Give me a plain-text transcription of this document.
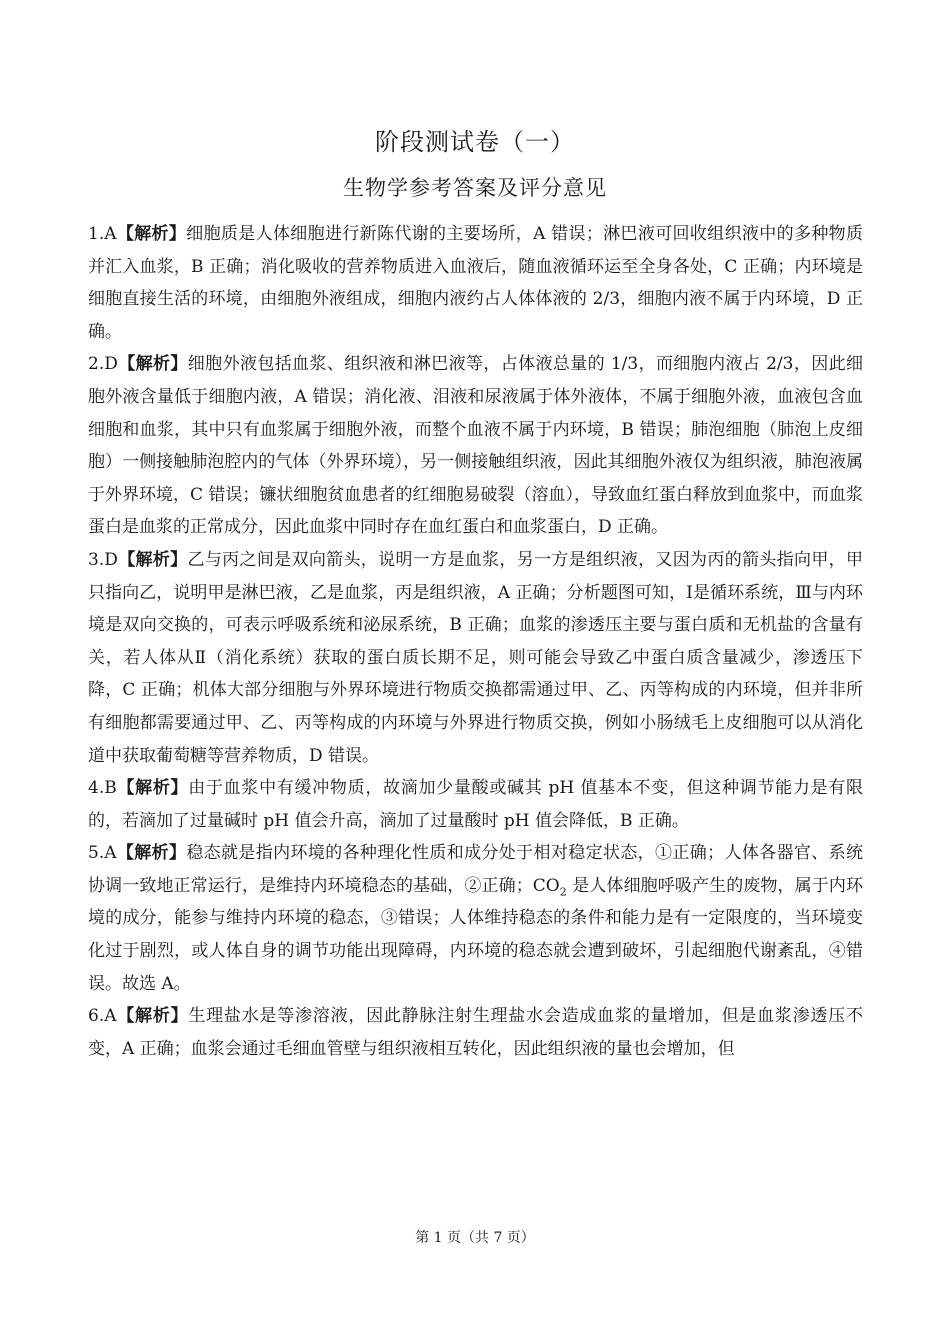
阶段测试卷（一）
生物学参考答案及评分意见

1.A【解析】细胞质是人体细胞进行新陈代谢的主要场所，A 错误；淋巴液可回收组织液中的多种物质并汇入血浆，B 正确；消化吸收的营养物质进入血液后，随血液循环运至全身各处，C 正确；内环境是细胞直接生活的环境，由细胞外液组成，细胞内液约占人体体液的 2/3，细胞内液不属于内环境，D 正确。

2.D【解析】细胞外液包括血浆、组织液和淋巴液等，占体液总量的 1/3，而细胞内液占 2/3，因此细胞外液含量低于细胞内液，A 错误；消化液、泪液和尿液属于体外液体，不属于细胞外液，血液包含血细胞和血浆，其中只有血浆属于细胞外液，而整个血液不属于内环境，B 错误；肺泡细胞（肺泡上皮细胞）一侧接触肺泡腔内的气体（外界环境），另一侧接触组织液，因此其细胞外液仅为组织液，肺泡液属于外界环境，C 错误；镰状细胞贫血患者的红细胞易破裂（溶血），导致血红蛋白释放到血浆中，而血浆蛋白是血浆的正常成分，因此血浆中同时存在血红蛋白和血浆蛋白，D 正确。

3.D【解析】乙与丙之间是双向箭头，说明一方是血浆，另一方是组织液，又因为丙的箭头指向甲，甲只指向乙，说明甲是淋巴液，乙是血浆，丙是组织液，A 正确；分析题图可知，Ⅰ是循环系统，Ⅲ与内环境是双向交换的，可表示呼吸系统和泌尿系统，B 正确；血浆的渗透压主要与蛋白质和无机盐的含量有关，若人体从Ⅱ（消化系统）获取的蛋白质长期不足，则可能会导致乙中蛋白质含量减少，渗透压下降，C 正确；机体大部分细胞与外界环境进行物质交换都需通过甲、乙、丙等构成的内环境，但并非所有细胞都需要通过甲、乙、丙等构成的内环境与外界进行物质交换，例如小肠绒毛上皮细胞可以从消化道中获取葡萄糖等营养物质，D 错误。

4.B【解析】由于血浆中有缓冲物质，故滴加少量酸或碱其 pH 值基本不变，但这种调节能力是有限的，若滴加了过量碱时 pH 值会升高，滴加了过量酸时 pH 值会降低，B 正确。

5.A【解析】稳态就是指内环境的各种理化性质和成分处于相对稳定状态，①正确；人体各器官、系统协调一致地正常运行，是维持内环境稳态的基础，②正确；$CO_2$ 是人体细胞呼吸产生的废物，属于内环境的成分，能参与维持内环境的稳态，③错误；人体维持稳态的条件和能力是有一定限度的，当环境变化过于剧烈，或人体自身的调节功能出现障碍，内环境的稳态就会遭到破坏，引起细胞代谢紊乱，④错误。故选 A。

6.A【解析】生理盐水是等渗溶液，因此静脉注射生理盐水会造成血浆的量增加，但是血浆渗透压不变，A 正确；血浆会通过毛细血管壁与组织液相互转化，因此组织液的量也会增加，但

第 1 页（共 7 页）
